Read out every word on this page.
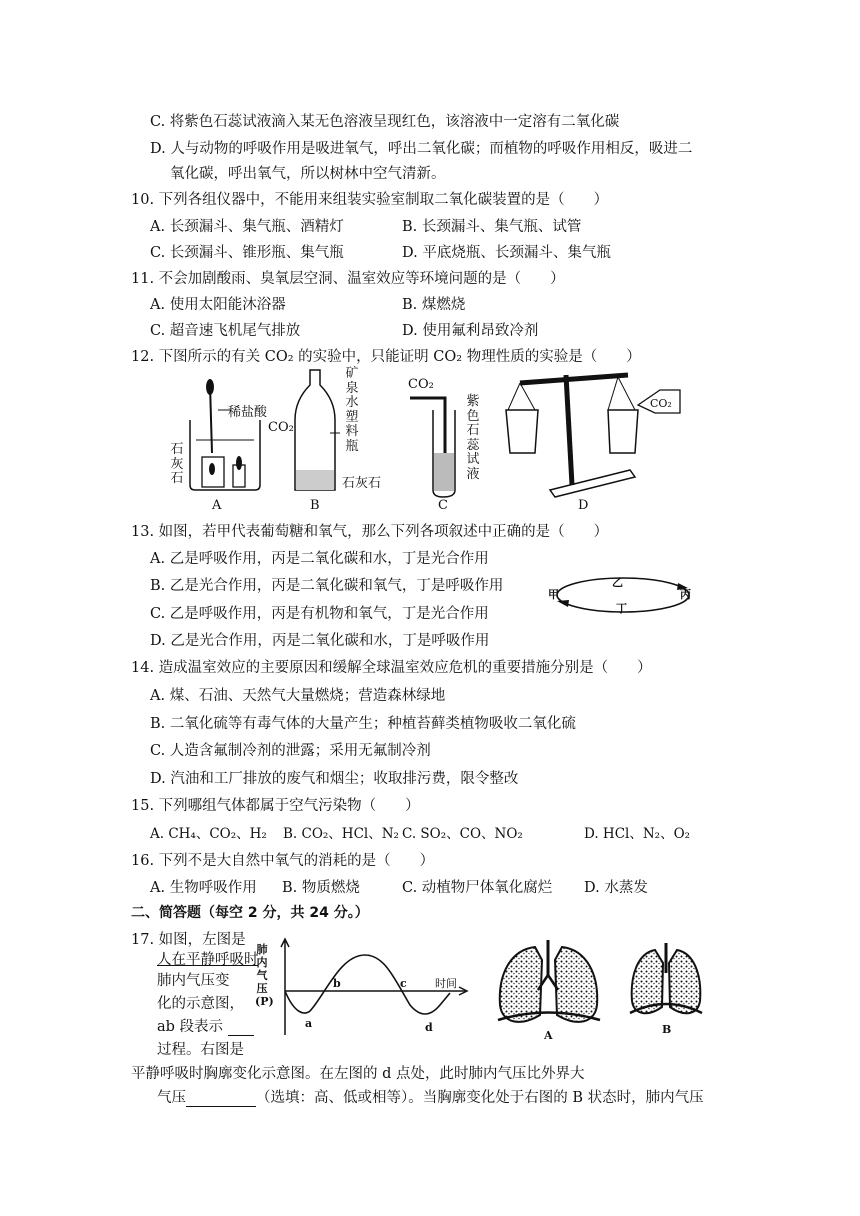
C. 将紫色石蕊试液滴入某无色溶液呈现红色，该溶液中一定溶有二氧化碳
D. 人与动物的呼吸作用是吸进氧气，呼出二氧化碳；而植物的呼吸作用相反，吸进二
氧化碳，呼出氧气，所以树林中空气清新。
10. 下列各组仪器中，不能用来组装实验室制取二氧化碳装置的是（　　）
A. 长颈漏斗、集气瓶、酒精灯	B. 长颈漏斗、集气瓶、试管
C. 长颈漏斗、锥形瓶、集气瓶	D. 平底烧瓶、长颈漏斗、集气瓶
11. 不会加剧酸雨、臭氧层空洞、温室效应等环境问题的是（　　）
A. 使用太阳能沐浴器	B. 煤燃烧
C. 超音速飞机尾气排放	D. 使用氟利昂致冷剂
12. 下图所示的有关 CO₂ 的实验中，只能证明 CO₂ 物理性质的实验是（　　）
稀盐酸
石灰石
A
CO₂
矿泉水塑料瓶
石灰石
B
CO₂
紫色石蕊试液
C
CO₂
D
13. 如图，若甲代表葡萄糖和氧气，那么下列各项叙述中正确的是（　　）
A. 乙是呼吸作用，丙是二氧化碳和水，丁是光合作用
B. 乙是光合作用，丙是二氧化碳和氧气，丁是呼吸作用
C. 乙是呼吸作用，丙是有机物和氧气，丁是光合作用
D. 乙是光合作用，丙是二氧化碳和水，丁是呼吸作用
甲
乙
丙
丁
14. 造成温室效应的主要原因和缓解全球温室效应危机的重要措施分别是（　　）
A. 煤、石油、天然气大量燃烧；营造森林绿地
B. 二氧化硫等有毒气体的大量产生；种植苔藓类植物吸收二氧化硫
C. 人造含氟制冷剂的泄露；采用无氟制冷剂
D. 汽油和工厂排放的废气和烟尘；收取排污费，限令整改
15. 下列哪组气体都属于空气污染物（　　）
A. CH₄、CO₂、H₂ B. CO₂、HCl、N₂ C. SO₂、CO、NO₂	D. HCl、N₂、O₂
16. 下列不是大自然中氧气的消耗的是（　　）
A. 生物呼吸作用 B. 物质燃烧	C. 动植物尸体氧化腐烂 D. 水蒸发
二、简答题（每空 2 分，共 24 分。）
17. 如图，左图是
人在平静呼吸时
肺内气压变
化的示意图，
ab 段表示
过程。右图是
平静呼吸时胸廓变化示意图。在左图的 d 点处，此时肺内气压比外界大
气压	（选填：高、低或相等）。当胸廓变化处于右图的 B 状态时，肺内气压
肺内气压(P)
时间
a
b	c
d
A	B
